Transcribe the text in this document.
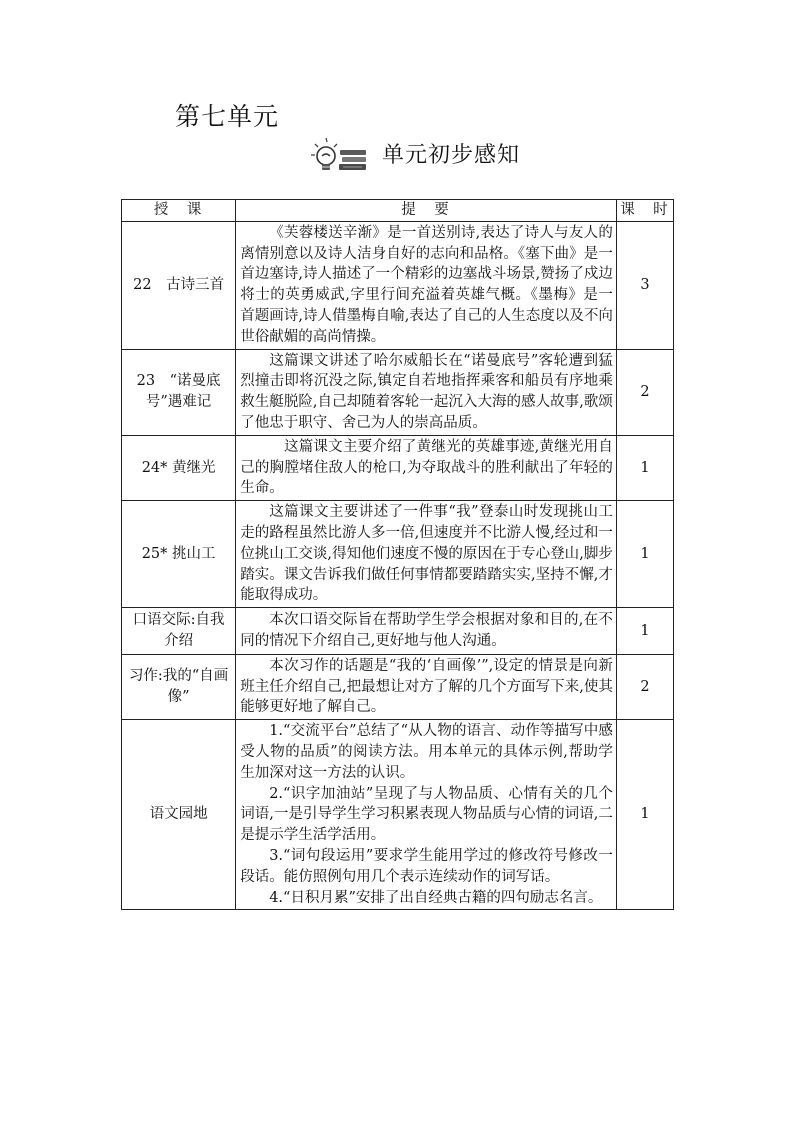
第七单元
单元初步感知
授　课	提　要	课　时
22　古诗三首	《芙蓉楼送辛渐》是一首送别诗,表达了诗人与友人的离情别意以及诗人洁身自好的志向和品格。《塞下曲》是一首边塞诗,诗人描述了一个精彩的边塞战斗场景,赞扬了戍边将士的英勇威武,字里行间充溢着英雄气概。《墨梅》是一首题画诗,诗人借墨梅自喻,表达了自己的人生态度以及不向世俗献媚的高尚情操。	3
23　“诺曼底号”遇难记	这篇课文讲述了哈尔威船长在“诺曼底号”客轮遭到猛烈撞击即将沉没之际,镇定自若地指挥乘客和船员有序地乘救生艇脱险,自己却随着客轮一起沉入大海的感人故事,歌颂了他忠于职守、舍己为人的崇高品质。	2
24* 黄继光	　这篇课文主要介绍了黄继光的英雄事迹,黄继光用自己的胸膛堵住敌人的枪口,为夺取战斗的胜利献出了年轻的生命。	1
25* 挑山工	这篇课文主要讲述了一件事“我”登泰山时发现挑山工走的路程虽然比游人多一倍,但速度并不比游人慢,经过和一位挑山工交谈,得知他们速度不慢的原因在于专心登山,脚步踏实。课文告诉我们做任何事情都要踏踏实实,坚持不懈,才能取得成功。	1
口语交际:自我介绍	本次口语交际旨在帮助学生学会根据对象和目的,在不同的情况下介绍自己,更好地与他人沟通。	1
习作:我的“自画像”	本次习作的话题是“我的‘自画像’”,设定的情景是向新班主任介绍自己,把最想让对方了解的几个方面写下来,使其能够更好地了解自己。	2
语文园地	1.“交流平台”总结了“从人物的语言、动作等描写中感受人物的品质”的阅读方法。用本单元的具体示例,帮助学生加深对这一方法的认识。

2.“识字加油站”呈现了与人物品质、心情有关的几个词语,一是引导学生学习积累表现人物品质与心情的词语,二是提示学生活学活用。

3.“词句段运用”要求学生能用学过的修改符号修改一段话。能仿照例句用几个表示连续动作的词写话。

4.“日积月累”安排了出自经典古籍的四句励志名言。	1
